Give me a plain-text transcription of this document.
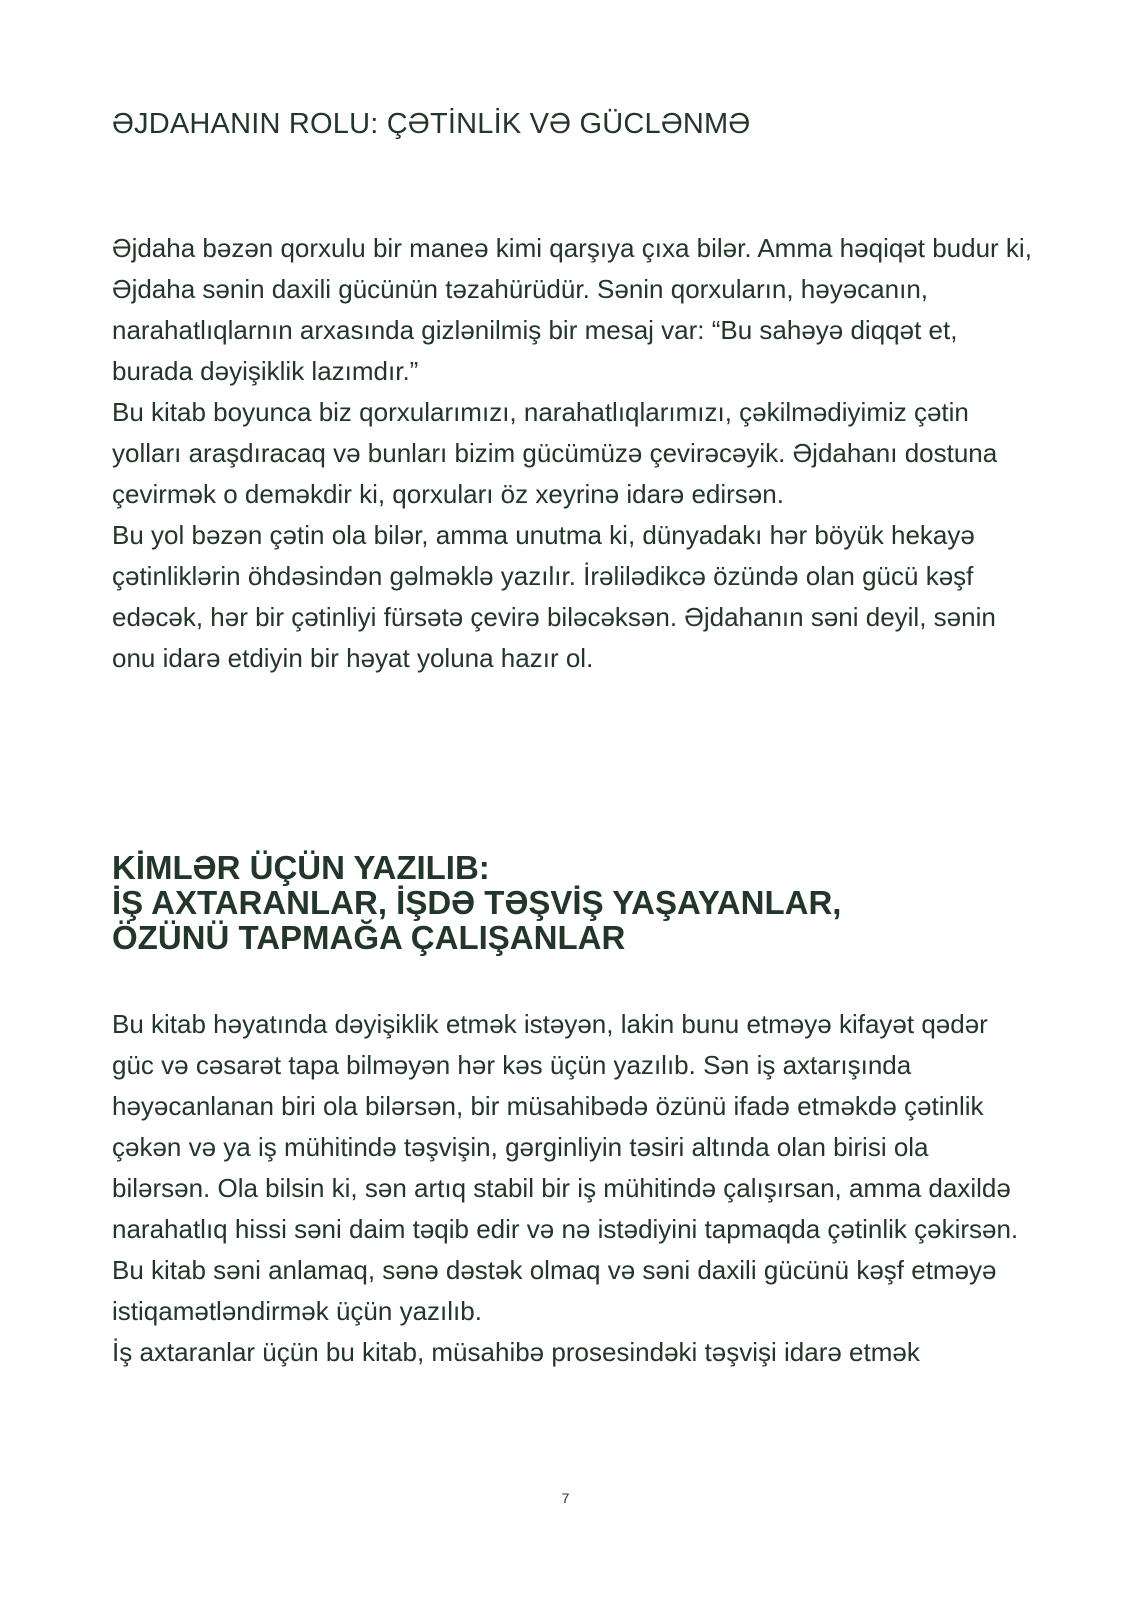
ƏJDAHANIN ROLU: ÇƏTİNLİK VƏ GÜCLƏNMƏ

Əjdaha bəzən qorxulu bir maneə kimi qarşıya çıxa bilər. Amma həqiqət budur ki, Əjdaha sənin daxili gücünün təzahürüdür. Sənin qorxuların, həyəcanın, narahatlıqlarnın arxasında gizlənilmiş bir mesaj var: “Bu sahəyə diqqət et, burada dəyişiklik lazımdır.”

Bu kitab boyunca biz qorxularımızı, narahatlıqlarımızı, çəkilmədiyimiz çətin yolları araşdıracaq və bunları bizim gücümüzə çevirəcəyik. Əjdahanı dostuna çevirmək o deməkdir ki, qorxuları öz xeyrinə idarə edirsən.

Bu yol bəzən çətin ola bilər, amma unutma ki, dünyadakı hər böyük hekayə çətinliklərin öhdəsindən gəlməklə yazılır. İrəlilədikcə özündə olan gücü kəşf edəcək, hər bir çətinliyi fürsətə çevirə biləcəksən. Əjdahanın səni deyil, sənin onu idarə etdiyin bir həyat yoluna hazır ol.

KİMLƏR ÜÇÜN YAZILIB:
İŞ AXTARANLAR, İŞDƏ TƏŞVİŞ YAŞAYANLAR,
ÖZÜNÜ TAPMAĞA ÇALIŞANLAR

Bu kitab həyatında dəyişiklik etmək istəyən, lakin bunu etməyə kifayət qədər güc və cəsarət tapa bilməyən hər kəs üçün yazılıb. Sən iş axtarışında həyəcanlanan biri ola bilərsən, bir müsahibədə özünü ifadə etməkdə çətinlik çəkən və ya iş mühitində təşvişin, gərginliyin təsiri altında olan birisi ola bilərsən. Ola bilsin ki, sən artıq stabil bir iş mühitində çalışırsan, amma daxildə narahatlıq hissi səni daim təqib edir və nə istədiyini tapmaqda çətinlik çəkirsən. Bu kitab səni anlamaq, sənə dəstək olmaq və səni daxili gücünü kəşf etməyə istiqamətləndirmək üçün yazılıb.

İş axtaranlar üçün bu kitab, müsahibə prosesindəki təşvişi idarə etmək

7
